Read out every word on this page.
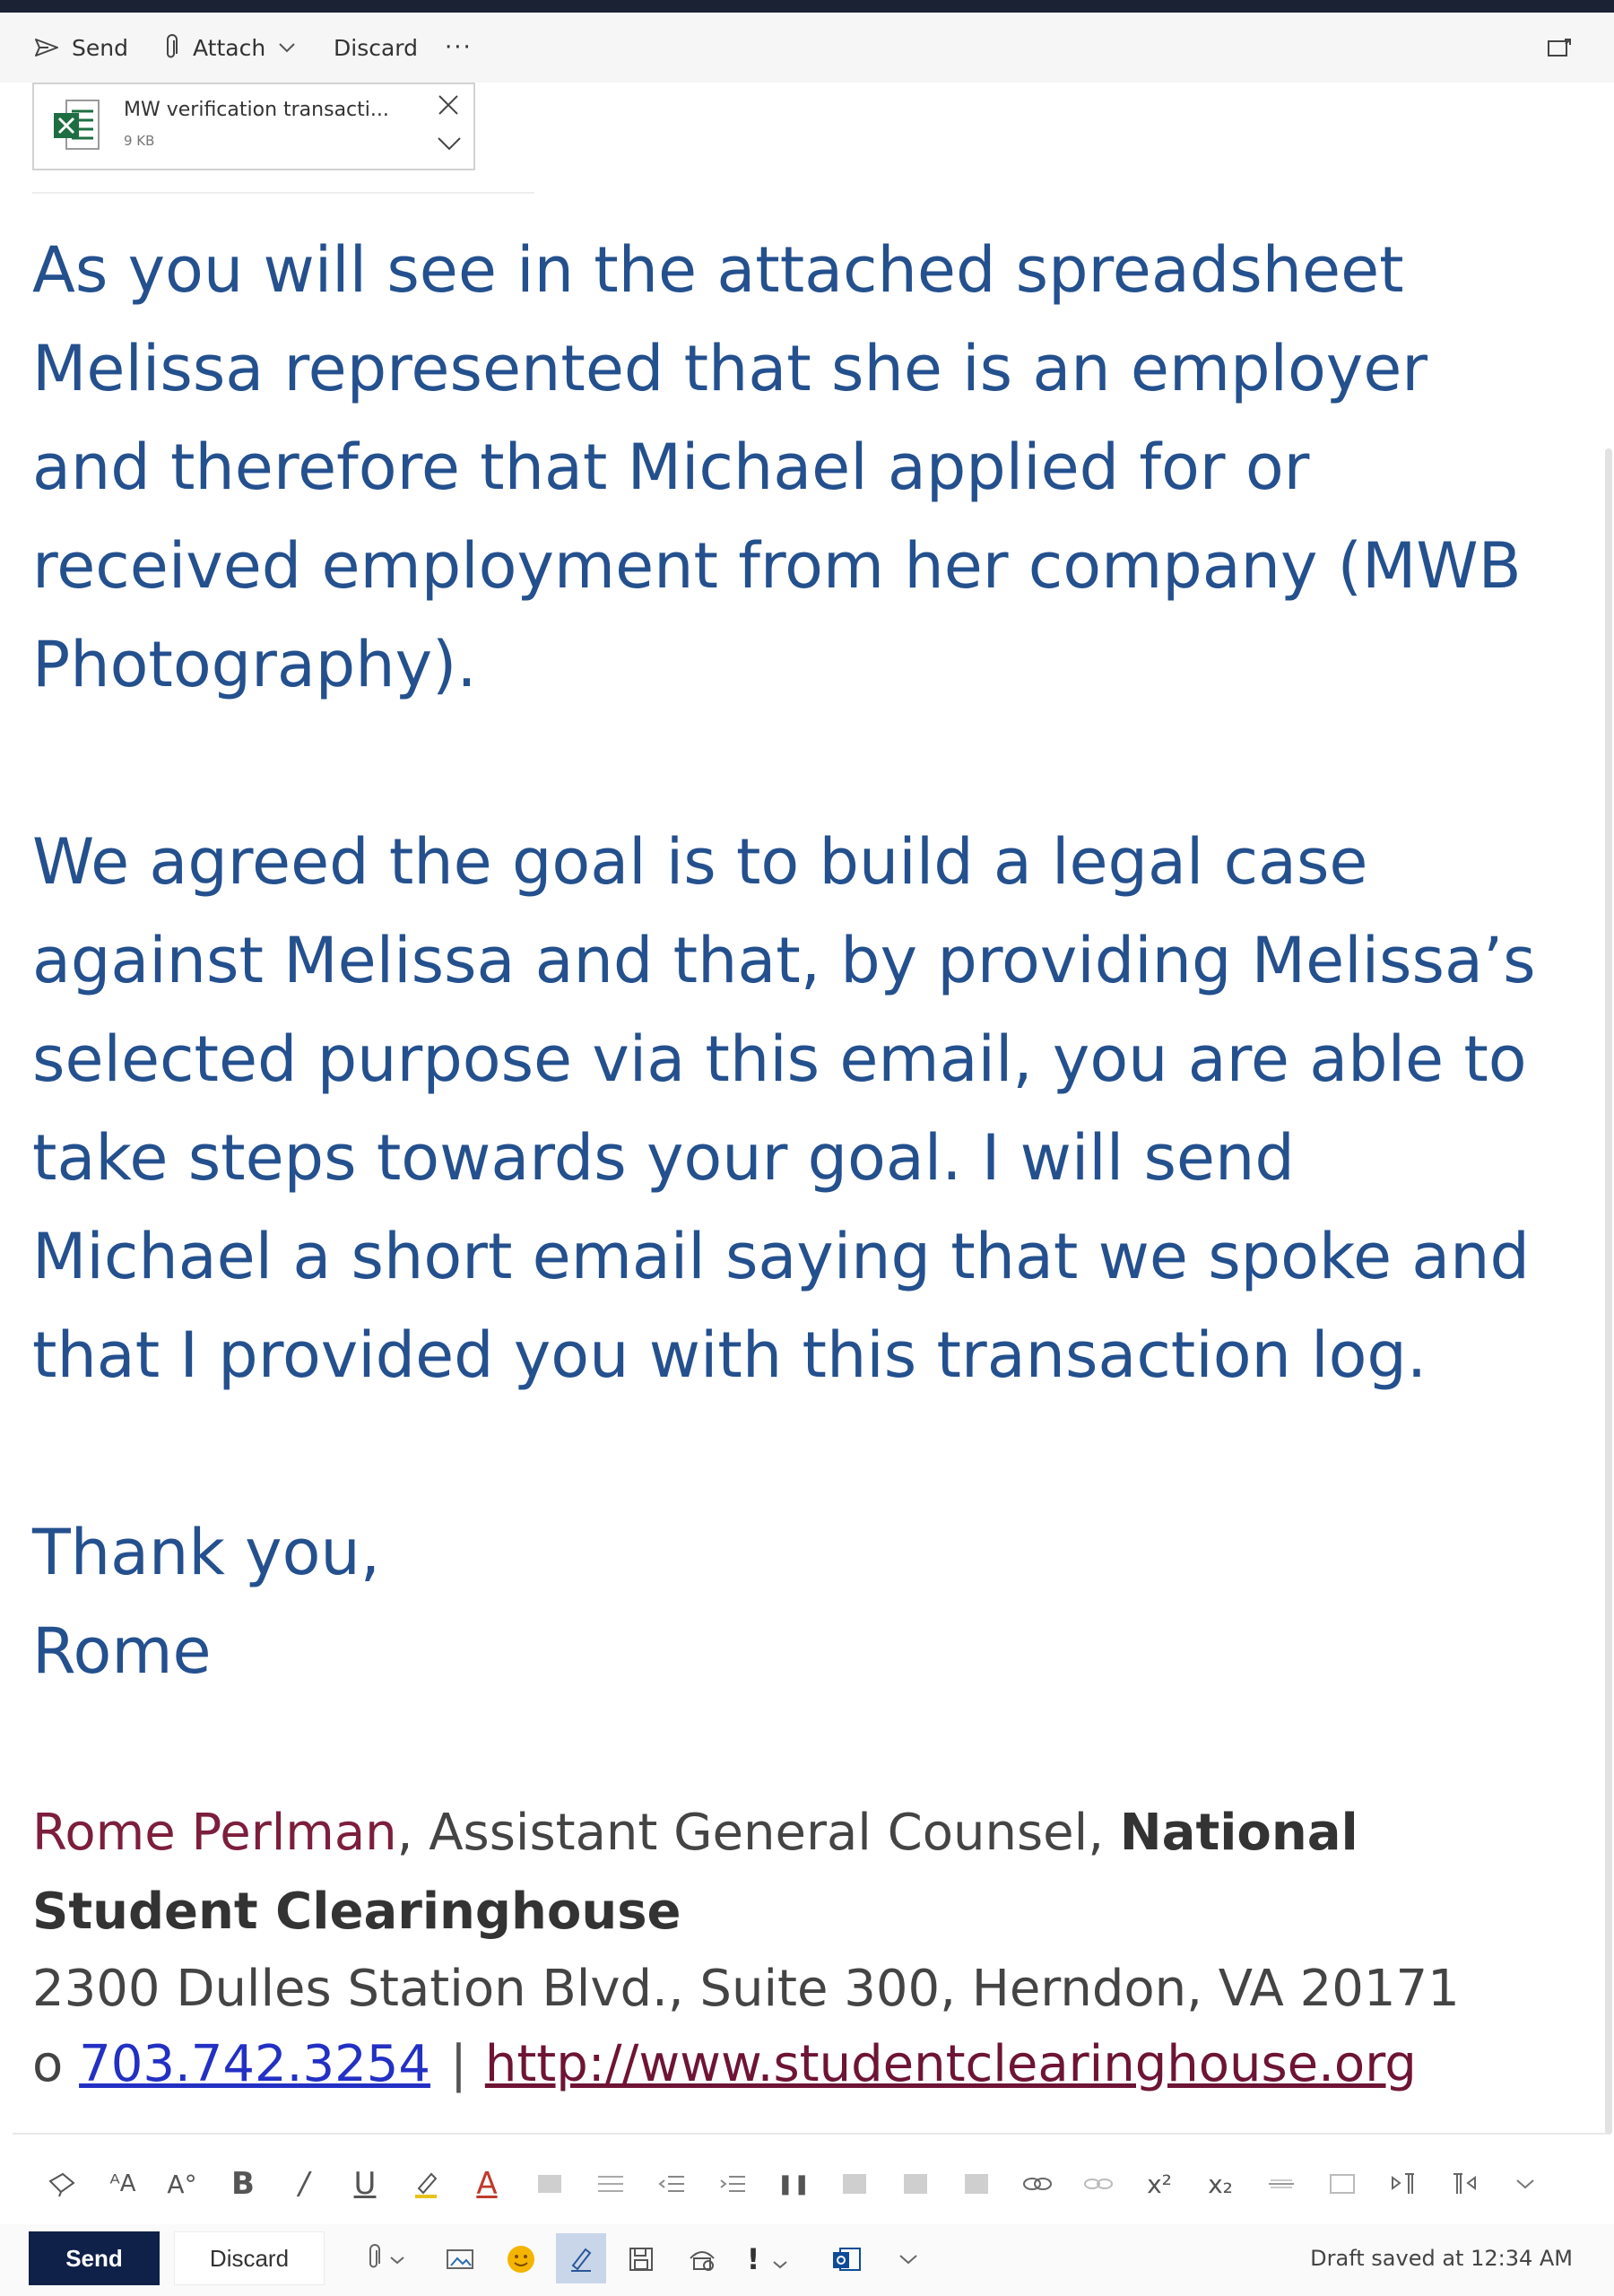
Send	Attach	Discard ···
MW verification transacti...
9 KB

As you will see in the attached spreadsheet

Melissa represented that she is an employer

and therefore that Michael applied for or

received employment from her company (MWB

Photography).

We agreed the goal is to build a legal case

against Melissa and that, by providing Melissa’s

selected purpose via this email, you are able to

take steps towards your goal. I will send

Michael a short email saying that we spoke and

that I provided you with this transaction log.

Thank you,

Rome

Rome Perlman, Assistant General Counsel, National
Student Clearinghouse
2300 Dulles Station Blvd., Suite 300, Herndon, VA 20171
o 703.742.3254 | http://www.studentclearinghouse.org
ᴬA	A°	B	/	U	A	❚❚	x²	x₂
Send	Discard	!	Draft saved at 12:34 AM
